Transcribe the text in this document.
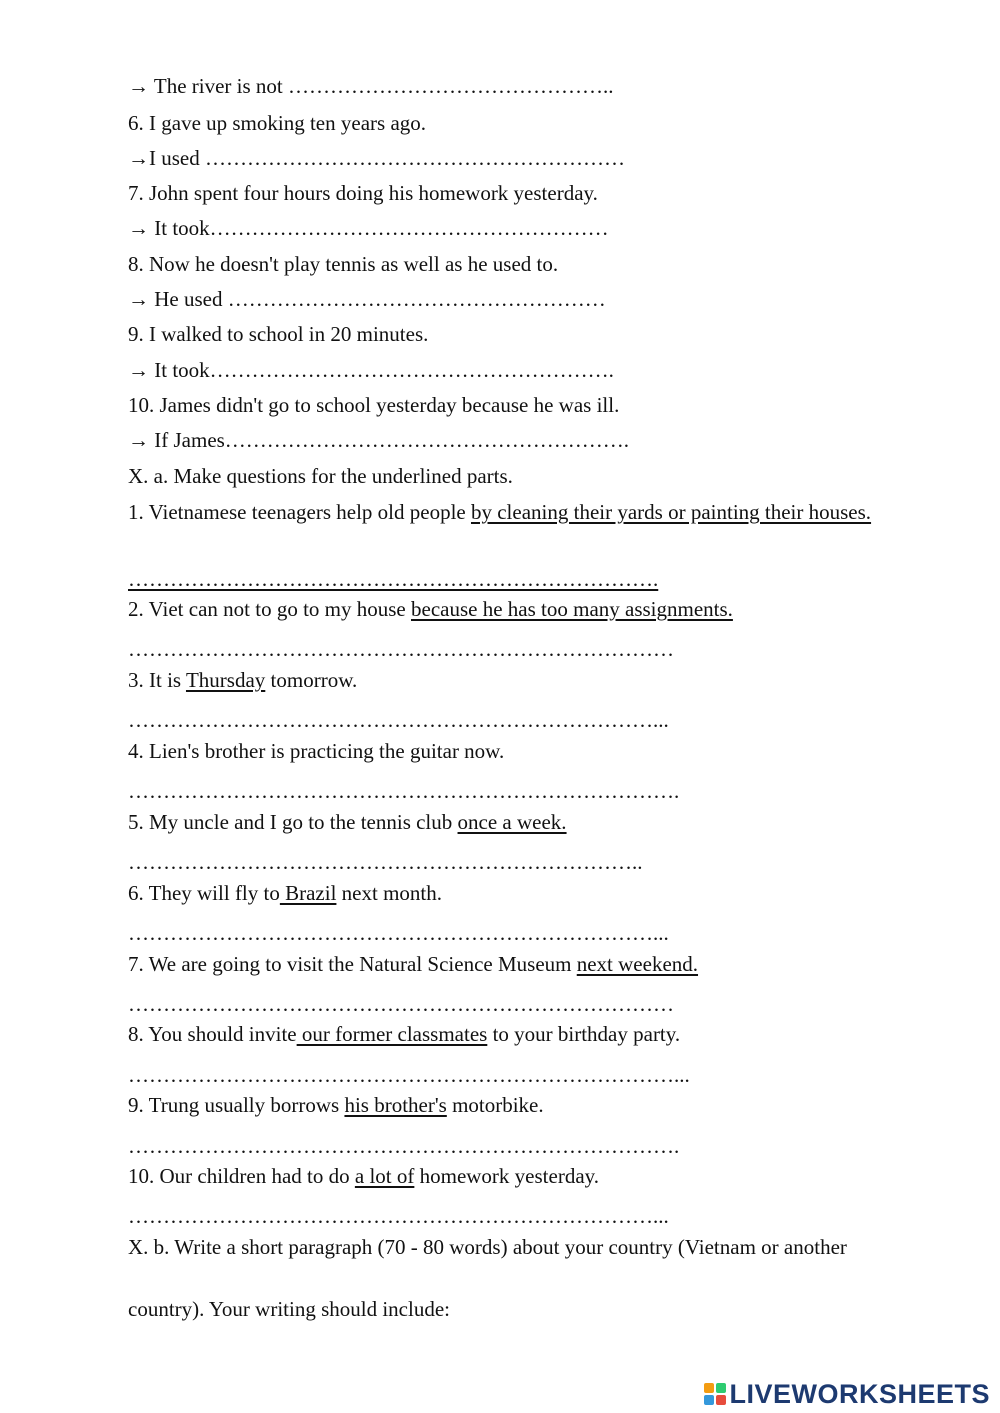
→ The river is not ………………………………………..
6. I gave up smoking ten years ago.
→I used ……………………………………………………
7. John spent four hours doing his homework yesterday.
→ It took…………………………………………………
8. Now he doesn't play tennis as well as he used to.
→ He used ………………………………………………
9. I walked to school in 20 minutes.
→ It took………………………………………………….
10. James didn't go to school yesterday because he was ill.
→ If James………………………………………………….
X. a. Make questions for the underlined parts.
1. Vietnamese teenagers help old people by cleaning their yards or painting their houses.
………………………………………………………………….
2. Viet can not to go to my house because he has too many assignments.
……………………………………………………………………
3. It is Thursday tomorrow.
…………………………………………………………………...
4. Lien's brother is practicing the guitar now.
…………………………………………………………………….
5. My uncle and I go to the tennis club once a week.
………………………………………………………………..
6. They will fly to Brazil next month.
…………………………………………………………………...
7. We are going to visit the Natural Science Museum next weekend.
……………………………………………………………………
8. You should invite our former classmates to your birthday party.
……………………………………………………………………...
9. Trung usually borrows his brother's motorbike.
…………………………………………………………………….
10. Our children had to do a lot of homework yesterday.
…………………………………………………………………...
X. b. Write a short paragraph (70 - 80 words) about your country (Vietnam or another
country). Your writing should include:
LIVEWORKSHEETS
